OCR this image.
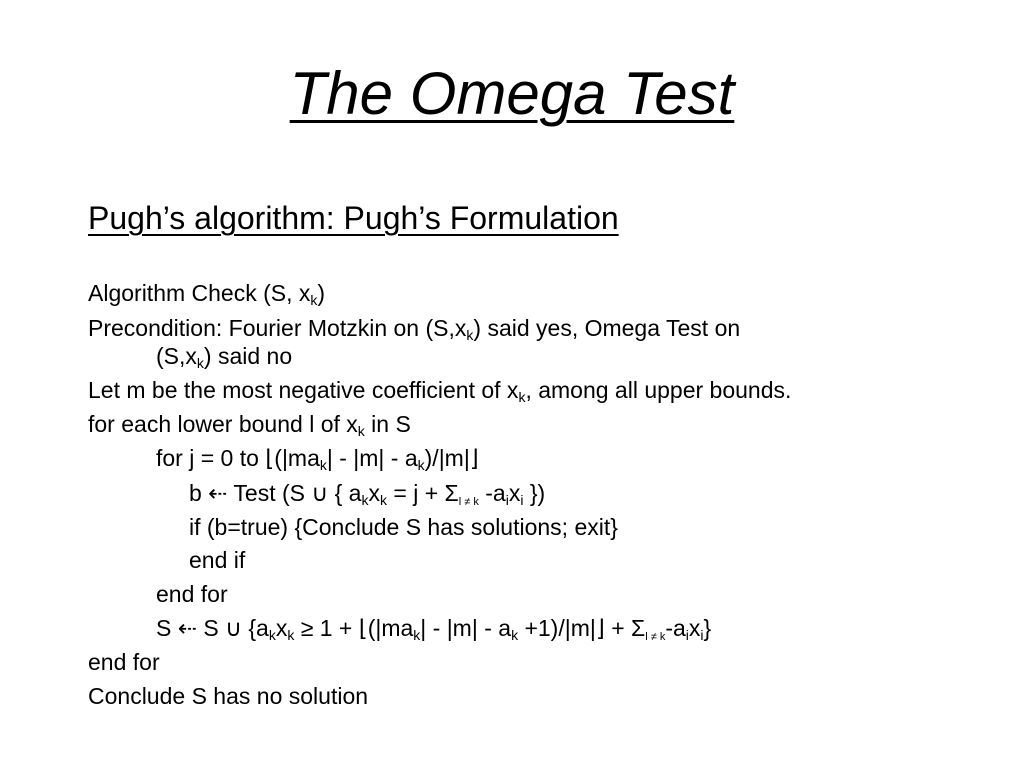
The Omega Test
Pugh’s algorithm: Pugh’s Formulation
Algorithm Check (S, $x_k$)
Precondition: Fourier Motzkin on $(S,x_k)$ said yes, Omega Test on
$(S,x_k)$ said no
Let m be the most negative coefficient of $x_k$, among all upper bounds.
for each lower bound l of $x_k$ in S
for j = 0 to $⌊(|ma_k| - |m|$ - $a_k)/|m|⌋$
b ⇠ Test (S ∪ { $a_kx_k = j + \Sigma_{l \ne k}$ $-a_ix_i$ })
if (b=true) {Conclude S has solutions; exit}
end if
end for
S ⇠ S ∪ {$a_kx_k \ge 1$ + $⌊(|ma_k| - |m| - a_k$ +1)/|m|⌋ + $\Sigma_{l \ne k}-a_ix_i$}
end for
Conclude S has no solution
